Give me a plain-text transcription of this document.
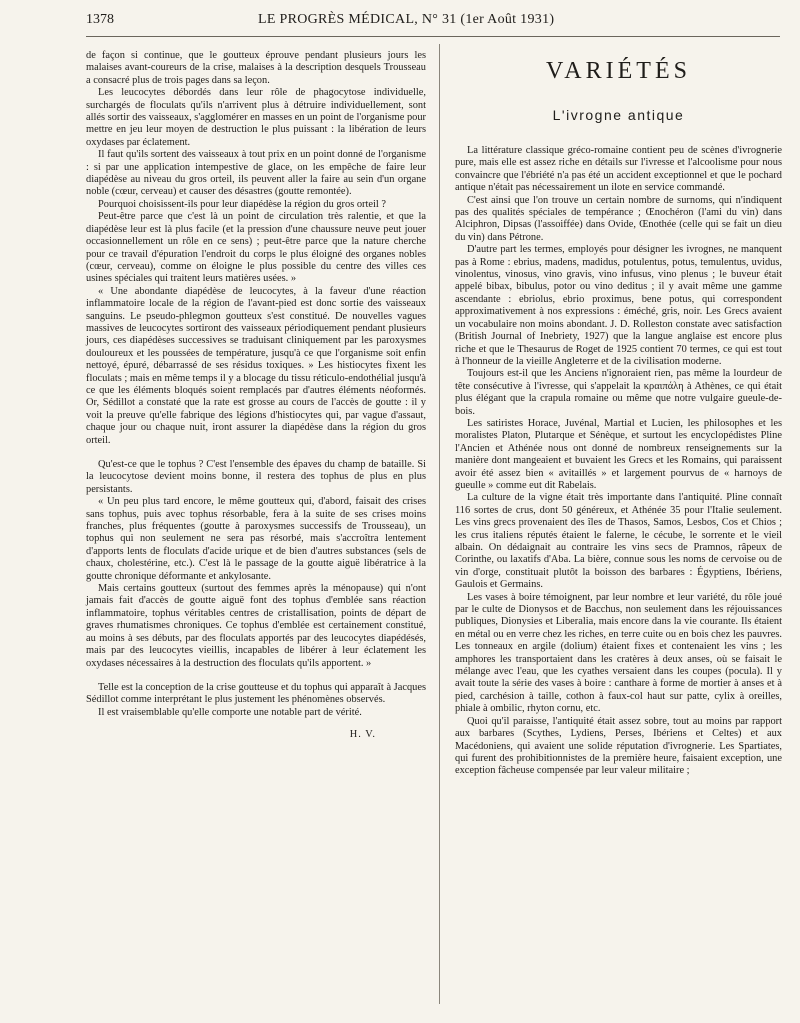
1378	LE PROGRÈS MÉDICAL, N° 31 (1er Août 1931)

de façon si continue, que le goutteux éprouve pendant plusieurs jours les malaises avant-coureurs de la crise, malaises à la description desquels Trousseau a consacré plus de trois pages dans sa leçon.

Les leucocytes débordés dans leur rôle de phagocytose individuelle, surchargés de floculats qu'ils n'arrivent plus à détruire individuellement, sont allés sortir des vaisseaux, s'agglomérer en masses en un point de l'organisme pour mettre en jeu leur moyen de destruction le plus puissant : la libération de leurs oxydases par éclatement.

Il faut qu'ils sortent des vaisseaux à tout prix en un point donné de l'organisme : si par une application intempestive de glace, on les empêche de faire leur diapédèse au niveau du gros orteil, ils peuvent aller la faire au sein d'un organe noble (cœur, cerveau) et causer des désastres (goutte remontée).

Pourquoi choisissent-ils pour leur diapédèse la région du gros orteil ?

Peut-être parce que c'est là un point de circulation très ralentie, et que la diapédèse leur est là plus facile (et la pression d'une chaussure neuve peut jouer occasionnellement un rôle en ce sens) ; peut-être parce que la nature cherche pour ce travail d'épuration l'endroit du corps le plus éloigné des organes nobles (cœur, cerveau), comme on éloigne le plus possible du centre des villes ces usines spéciales qui traitent leurs matières usées. »

« Une abondante diapédèse de leucocytes, à la faveur d'une réaction inflammatoire locale de la région de l'avant-pied est donc sortie des vaisseaux sanguins. Le pseudo-phlegmon goutteux s'est constitué. De nouvelles vagues massives de leucocytes sortiront des vaisseaux périodiquement pendant plusieurs jours, ces diapédèses successives se traduisant cliniquement par les paroxysmes douloureux et les poussées de température, jusqu'à ce que l'organisme soit enfin nettoyé, épuré, débarrassé de ses résidus toxiques. » Les histiocytes fixent les floculats ; mais en même temps il y a blocage du tissu réticulo-endothélial jusqu'à ce que les éléments bloqués soient remplacés par d'autres éléments néoformés. Or, Sédillot a constaté que la rate est grosse au cours de l'accès de goutte : il y voit la preuve qu'elle fabrique des légions d'histiocytes qui, par vague d'assaut, chaque jour ou chaque nuit, iront assurer la diapédèse dans la région du gros orteil.

Qu'est-ce que le tophus ? C'est l'ensemble des épaves du champ de bataille. Si la leucocytose devient moins bonne, il restera des tophus de plus en plus persistants.

« Un peu plus tard encore, le même goutteux qui, d'abord, faisait des crises sans tophus, puis avec tophus résorbable, fera à la suite de ses crises moins franches, plus fréquentes (goutte à paroxysmes successifs de Trousseau), un tophus qui non seulement ne sera pas résorbé, mais s'accroîtra lentement d'apports lents de floculats d'acide urique et de bien d'autres substances (sels de chaux, cholestérine, etc.). C'est là le passage de la goutte aiguë libératrice à la goutte chronique déformante et ankylosante.

Mais certains goutteux (surtout des femmes après la ménopause) qui n'ont jamais fait d'accès de goutte aiguë font des tophus d'emblée sans réaction inflammatoire, tophus véritables centres de cristallisation, points de départ de graves rhumatismes chroniques. Ce tophus d'emblée est certainement constitué, au moins à ses débuts, par des floculats apportés par des leucocytes diapédésés, mais par des leucocytes vieillis, incapables de libérer à leur éclatement les oxydases nécessaires à la destruction des floculats qu'ils apportent. »

Telle est la conception de la crise goutteuse et du tophus qui apparaît à Jacques Sédillot comme interprétant le plus justement les phénomènes observés.

Il est vraisemblable qu'elle comporte une notable part de vérité.

H. V.
VARIÉTÉS
L'ivrogne antique

La littérature classique gréco-romaine contient peu de scènes d'ivrognerie pure, mais elle est assez riche en détails sur l'ivresse et l'alcoolisme pour nous convaincre que l'ébriété n'a pas été un accident exceptionnel et que le pochard antique n'était pas nécessairement un ilote en service commandé.

C'est ainsi que l'on trouve un certain nombre de surnoms, qui n'indiquent pas des qualités spéciales de tempérance ; Œnochéron (l'ami du vin) dans Alciphron, Dipsas (l'assoiffée) dans Ovide, Œnothée (celle qui se fait un dieu du vin) dans Pétrone.

D'autre part les termes, employés pour désigner les ivrognes, ne manquent pas à Rome : ebrius, madens, madidus, potulentus, potus, temulentus, uvidus, vinolentus, vinosus, vino gravis, vino infusus, vino plenus ; le buveur était appelé bibax, bibulus, potor ou vino deditus ; il y avait même une gamme ascendante : ebriolus, ebrio proximus, bene potus, qui correspondent approximativement à nos expressions : éméché, gris, noir. Les Grecs avaient un vocabulaire non moins abondant. J. D. Rolleston constate avec satisfaction (British Journal of Inebriety, 1927) que la langue anglaise est encore plus riche et que le Thesaurus de Roget de 1925 contient 70 termes, ce qui est tout à l'honneur de la vieille Angleterre et de la civilisation moderne.

Toujours est-il que les Anciens n'ignoraient rien, pas même la lourdeur de tête consécutive à l'ivresse, qui s'appelait la κραιπάλη à Athènes, ce qui était plus élégant que la crapula romaine ou même que notre vulgaire gueule-de-bois.

Les satiristes Horace, Juvénal, Martial et Lucien, les philosophes et les moralistes Platon, Plutarque et Sénèque, et surtout les encyclopédistes Pline l'Ancien et Athénée nous ont donné de nombreux renseignements sur la manière dont mangeaient et buvaient les Grecs et les Romains, qui paraissent avoir été assez bien « avitaillés » et largement pourvus de « harnoys de gueulle » comme eut dit Rabelais.

La culture de la vigne était très importante dans l'antiquité. Pline connaît 116 sortes de crus, dont 50 généreux, et Athénée 35 pour l'Italie seulement. Les vins grecs provenaient des îles de Thasos, Samos, Lesbos, Cos et Chios ; les crus italiens réputés étaient le falerne, le cécube, le sorrente et le vieil albain. On dédaignait au contraire les vins secs de Pramnos, râpeux de Corinthe, ou laxatifs d'Aba. La bière, connue sous les noms de cervoise ou de vin d'orge, constituait plutôt la boisson des barbares : Égyptiens, Ibériens, Gaulois et Germains.

Les vases à boire témoignent, par leur nombre et leur variété, du rôle joué par le culte de Dionysos et de Bacchus, non seulement dans les réjouissances publiques, Dionysies et Liberalia, mais encore dans la vie courante. Ils étaient en métal ou en verre chez les riches, en terre cuite ou en bois chez les pauvres. Les tonneaux en argile (dolium) étaient fixes et contenaient les vins ; les amphores les transportaient dans les cratères à deux anses, où se faisait le mélange avec l'eau, que les cyathes versaient dans les coupes (pocula). Il y avait toute la série des vases à boire : canthare à forme de mortier à anses et à pied, carchésion à taille, cothon à faux-col haut sur patte, cylix à oreilles, phiale à ombilic, rhyton cornu, etc.

Quoi qu'il paraisse, l'antiquité était assez sobre, tout au moins par rapport aux barbares (Scythes, Lydiens, Perses, Ibériens et Celtes) et aux Macédoniens, qui avaient une solide réputation d'ivrognerie. Les Spartiates, qui furent des prohibitionnistes de la première heure, faisaient exception, une exception fâcheuse compensée par leur valeur militaire ;
